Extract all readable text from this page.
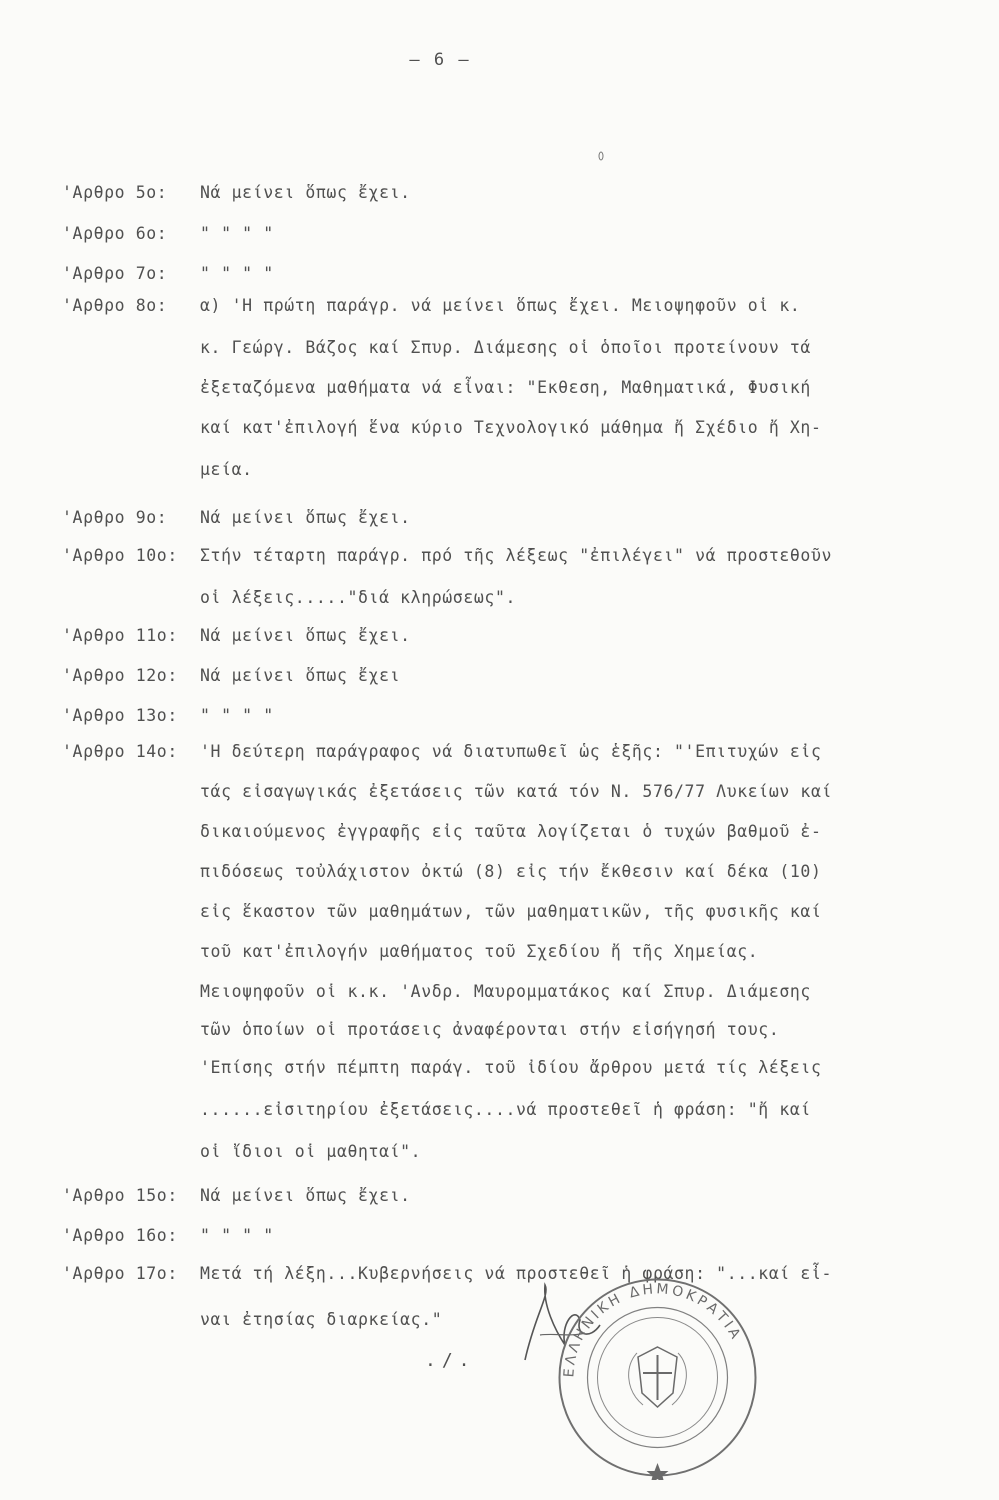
– 6 –
'Αρθρο 5ο: Νά μείνει ὅπως ἔχει.
'Αρθρο 6ο: " " " "
'Αρθρο 7ο: " " " "
'Αρθρο 8ο: α) 'Η πρώτη παράγρ. νά μείνει ὅπως ἔχει. Μειοψηφοῦν οἱ κ.
κ. Γεώργ. Βάζος καί Σπυρ. Διάμεσης οἱ ὁποῖοι προτείνουν τά
ἐξεταζόμενα μαθήματα νά εἶναι: "Εκθεση, Μαθηματικά, Φυσική
καί κατ'ἐπιλογή ἕνα κύριο Τεχνολογικό μάθημα ἤ Σχέδιο ἤ Χη-
μεία.
'Αρθρο 9ο: Νά μείνει ὅπως ἔχει.
'Αρθρο 10ο: Στήν τέταρτη παράγρ. πρό τῆς λέξεως "ἐπιλέγει" νά προστεθοῦν
οἱ λέξεις....."διά κληρώσεως".
'Αρθρο 11ο: Νά μείνει ὅπως ἔχει.
'Αρθρο 12ο: Νά μείνει ὅπως ἔχει
'Αρθρο 13ο: " " " "
'Αρθρο 14ο: 'Η δεύτερη παράγραφος νά διατυπωθεῖ ὡς ἑξῆς: "'Επιτυχών εἰς
τάς εἰσαγωγικάς ἐξετάσεις τῶν κατά τόν Ν. 576/77 Λυκείων καί
δικαιούμενος ἐγγραφῆς εἰς ταῦτα λογίζεται ὁ τυχών βαθμοῦ ἐ-
πιδόσεως τοὐλάχιστον ὀκτώ (8) εἰς τήν ἔκθεσιν καί δέκα (10)
εἰς ἕκαστον τῶν μαθημάτων, τῶν μαθηματικῶν, τῆς φυσικῆς καί
τοῦ κατ'ἐπιλογήν μαθήματος τοῦ Σχεδίου ἤ τῆς Χημείας.
Μειοψηφοῦν οἱ κ.κ. 'Ανδρ. Μαυρομματάκος καί Σπυρ. Διάμεσης
τῶν ὁποίων οἱ προτάσεις ἀναφέρονται στήν εἰσήγησή τους.
'Επίσης στήν πέμπτη παράγ. τοῦ ἰδίου ἄρθρου μετά τίς λέξεις
......εἰσιτηρίου ἐξετάσεις....νά προστεθεῖ ἡ φράση: "ἤ καί
οἱ ἴδιοι οἱ μαθηταί".
'Αρθρο 15ο: Νά μείνει ὅπως ἔχει.
'Αρθρο 16ο: " " " "
'Αρθρο 17ο: Μετά τή λέξη...Κυβερνήσεις νά προστεθεῖ ἡ φράση: "...καί εἶ-
ναι ἐτησίας διαρκείας."
./.
ΕΛΛΗΝΙΚΗ ΔΗΜΟΚΡΑΤΙΑ
